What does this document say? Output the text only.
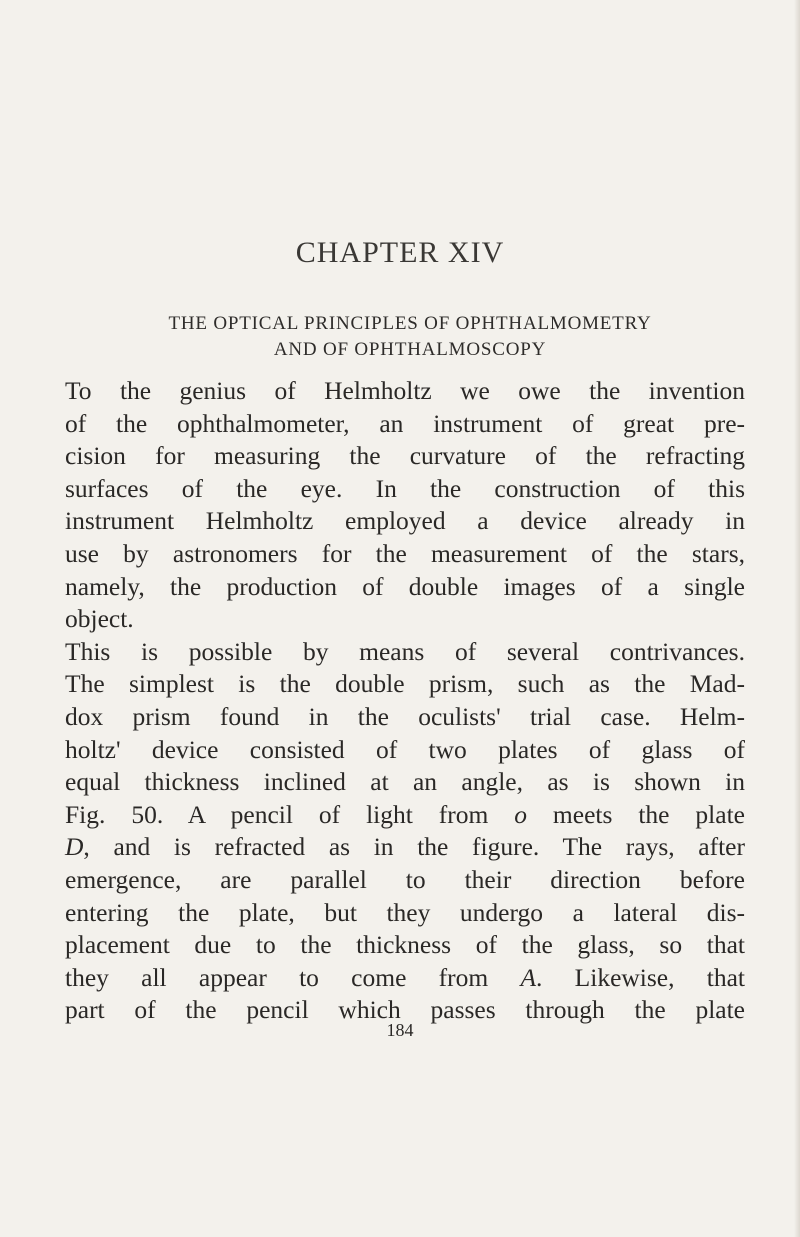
CHAPTER XIV
THE OPTICAL PRINCIPLES OF OPHTHALMOMETRY
AND OF OPHTHALMOSCOPY
To the genius of Helmholtz we owe the invention
of the ophthalmometer, an instrument of great pre-
cision for measuring the curvature of the refracting
surfaces of the eye. In the construction of this
instrument Helmholtz employed a device already in
use by astronomers for the measurement of the stars,
namely, the production of double images of a single
object.
This is possible by means of several contrivances.
The simplest is the double prism, such as the Mad-
dox prism found in the oculists' trial case. Helm-
holtz' device consisted of two plates of glass of
equal thickness inclined at an angle, as is shown in
Fig. 50. A pencil of light from o meets the plate
D, and is refracted as in the figure. The rays, after
emergence, are parallel to their direction before
entering the plate, but they undergo a lateral dis-
placement due to the thickness of the glass, so that
they all appear to come from A. Likewise, that
part of the pencil which passes through the plate
184
